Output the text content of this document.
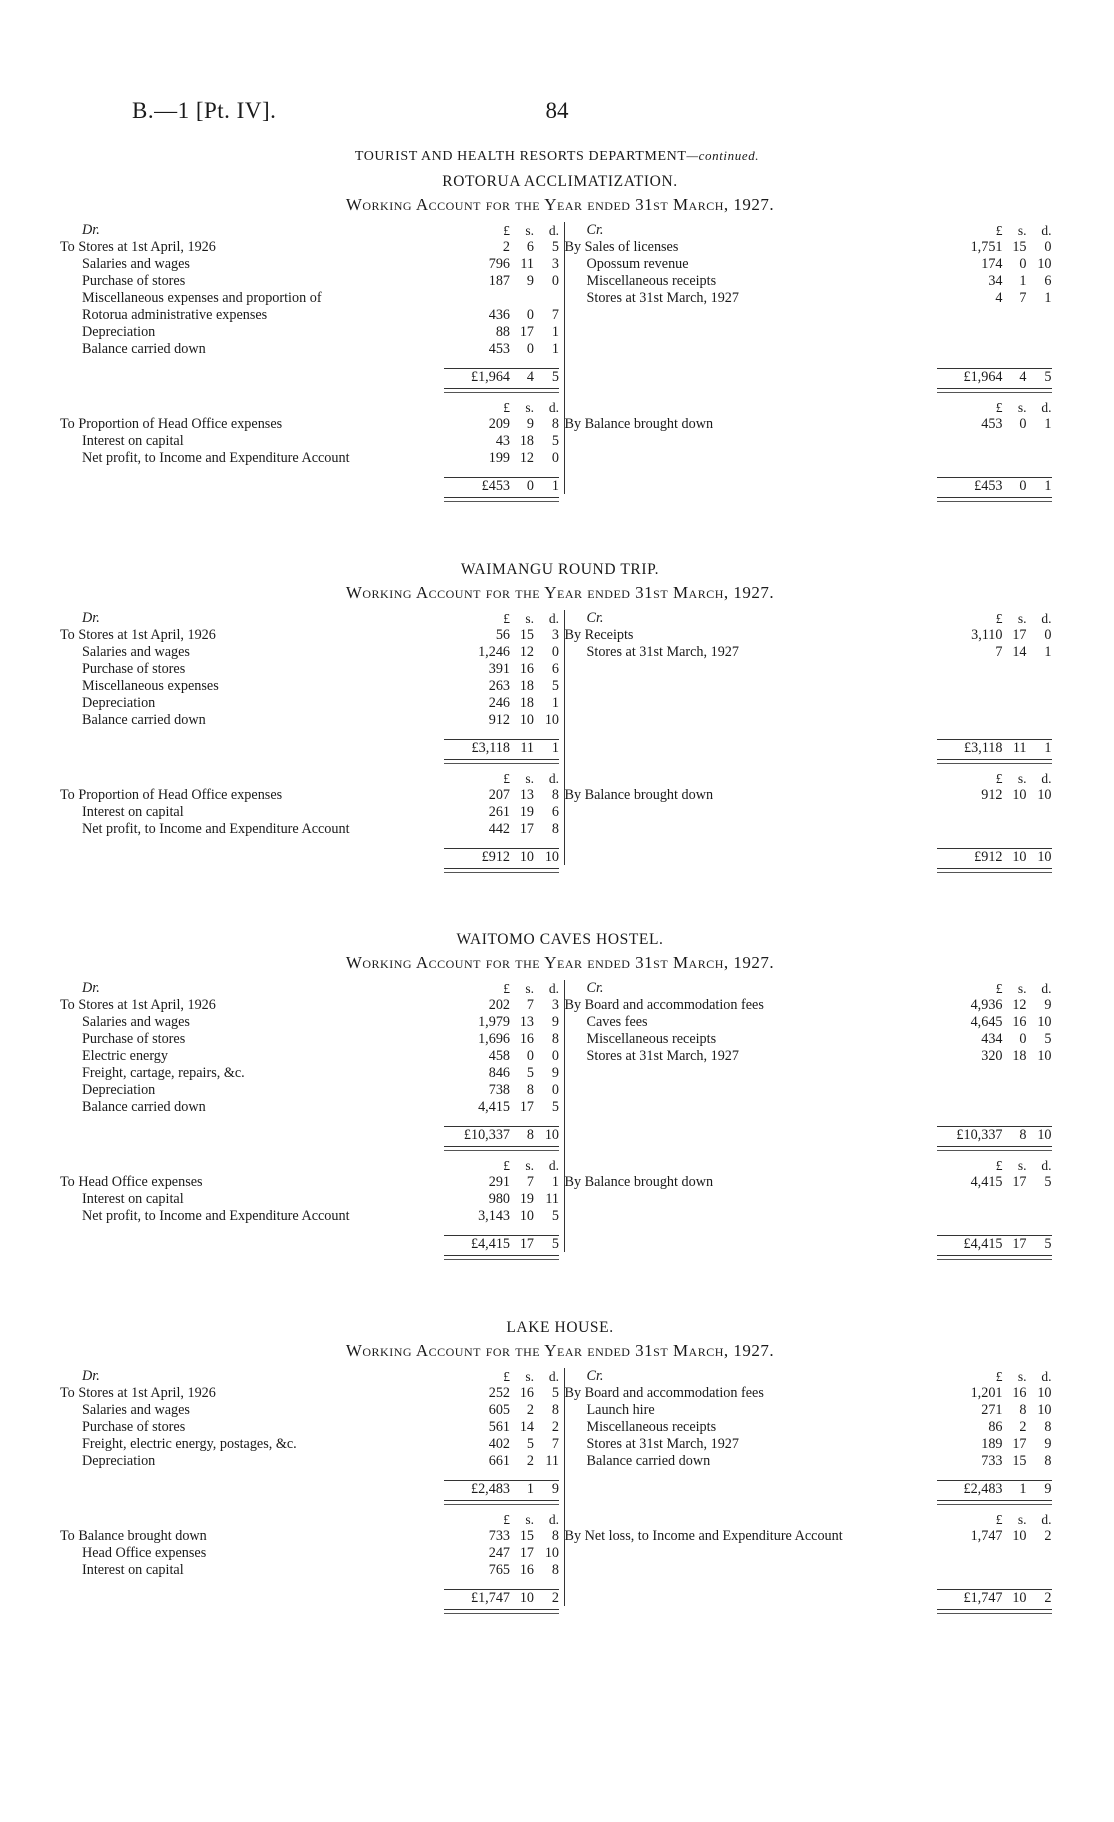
B.—1 [Pt. IV].	84
TOURIST AND HEALTH RESORTS DEPARTMENT—continued.
ROTORUA ACCLIMATIZATION.
Working Account for the Year ended 31st March, 1927.
Dr.	£	s.	d.
To Stores at 1st April, 1926	2	6	5
Salaries and wages	796 11	3
Purchase of stores	187	9	0
Miscellaneous expenses and proportion of
Rotorua administrative expenses	436	0	7
Depreciation	88 17	1
Balance carried down	453	0	1
£1,964	4	5
£	s.	d.
To Proportion of Head Office expenses	209	9	8
Interest on capital	43 18	5
Net profit, to Income and Expenditure Account	199 12	0
£453	0	1
Cr.	£	s.	d.
By Sales of licenses	1,751 15	0
Opossum revenue	174	0 10
Miscellaneous receipts	34	1	6
Stores at 31st March, 1927	4	7	1
£1,964	4	5
£	s.	d.
By Balance brought down	453	0	1
£453	0	1
WAIMANGU ROUND TRIP.
Working Account for the Year ended 31st March, 1927.
Dr.	£	s.	d.
To Stores at 1st April, 1926	56 15	3
Salaries and wages	1,246 12	0
Purchase of stores	391 16	6
Miscellaneous expenses	263 18	5
Depreciation	246 18	1
Balance carried down	912 10 10
£3,118 11	1
£	s.	d.
To Proportion of Head Office expenses	207 13	8
Interest on capital	261 19	6
Net profit, to Income and Expenditure Account	442 17	8
£912 10 10
Cr.	£	s.	d.
By Receipts	3,110 17	0
Stores at 31st March, 1927	7 14	1
£3,118 11	1
£	s.	d.
By Balance brought down	912 10 10
£912 10 10
WAITOMO CAVES HOSTEL.
Working Account for the Year ended 31st March, 1927.
Dr.	£	s.	d.
To Stores at 1st April, 1926	202	7	3
Salaries and wages	1,979 13	9
Purchase of stores	1,696 16	8
Electric energy	458	0	0
Freight, cartage, repairs, &c.	846	5	9
Depreciation	738	8	0
Balance carried down	4,415 17	5
£10,337	8 10
£	s.	d.
To Head Office expenses	291	7	1
Interest on capital	980 19 11
Net profit, to Income and Expenditure Account	3,143 10	5
£4,415 17	5
Cr.	£	s.	d.
By Board and accommodation fees	4,936 12	9
Caves fees	4,645 16 10
Miscellaneous receipts	434	0	5
Stores at 31st March, 1927	320 18 10
£10,337	8 10
£	s.	d.
By Balance brought down	4,415 17	5
£4,415 17	5
LAKE HOUSE.
Working Account for the Year ended 31st March, 1927.
Dr.	£	s.	d.
To Stores at 1st April, 1926	252 16	5
Salaries and wages	605	2	8
Purchase of stores	561 14	2
Freight, electric energy, postages, &c.	402	5	7
Depreciation	661	2 11
£2,483	1	9
£	s.	d.
To Balance brought down	733 15	8
Head Office expenses	247 17 10
Interest on capital	765 16	8
£1,747 10	2
Cr.	£	s.	d.
By Board and accommodation fees	1,201 16 10
Launch hire	271	8 10
Miscellaneous receipts	86	2	8
Stores at 31st March, 1927	189 17	9
Balance carried down	733 15	8
£2,483	1	9
£	s.	d.
By Net loss, to Income and Expenditure Account	1,747 10	2
£1,747 10	2
